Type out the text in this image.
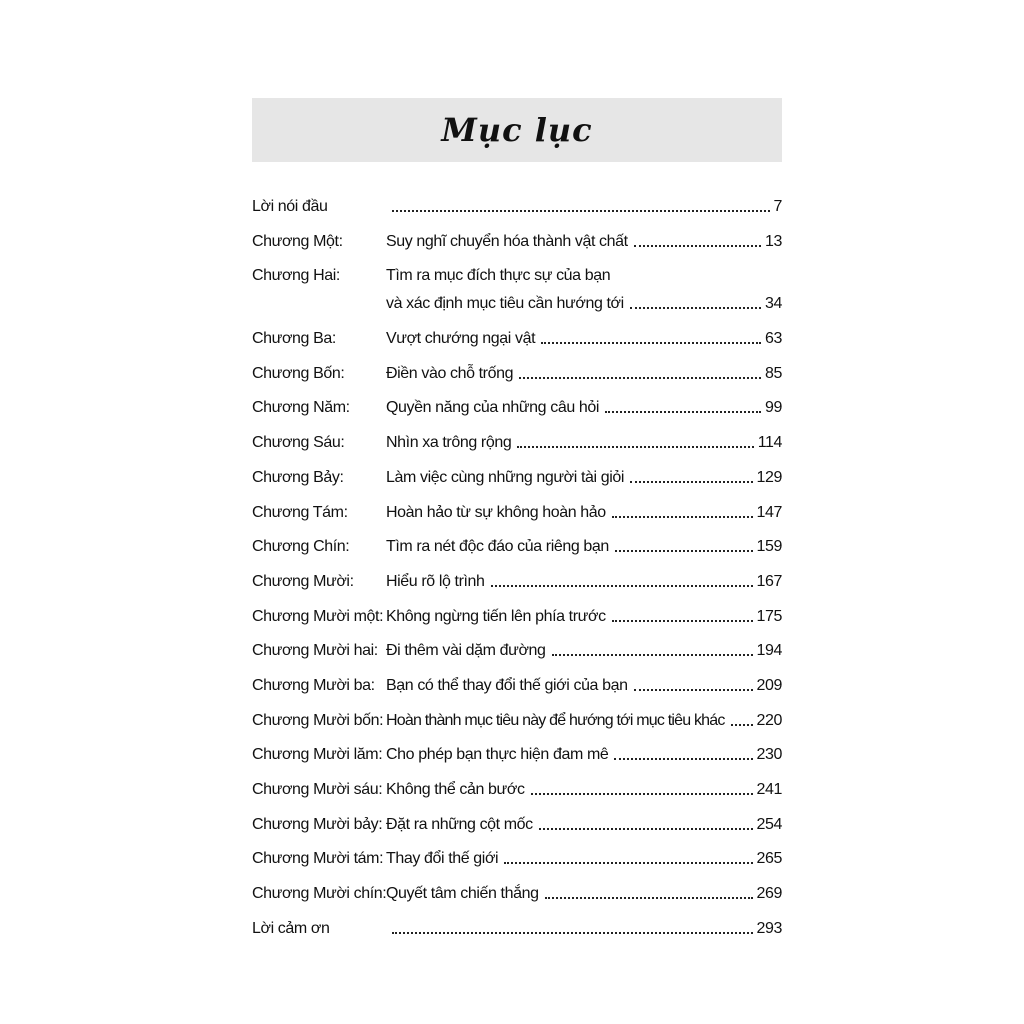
Mục lục
Lời nói đầu	7
Chương Một:	Suy nghĩ chuyển hóa thành vật chất	13
Chương Hai:	Tìm ra mục đích thực sự của bạn
và xác định mục tiêu cần hướng tới	34
Chương Ba:	Vượt chướng ngại vật	63
Chương Bốn:	Điền vào chỗ trống	85
Chương Năm:	Quyền năng của những câu hỏi	99
Chương Sáu:	Nhìn xa trông rộng	114
Chương Bảy:	Làm việc cùng những người tài giỏi	129
Chương Tám:	Hoàn hảo từ sự không hoàn hảo	147
Chương Chín:	Tìm ra nét độc đáo của riêng bạn	159
Chương Mười:	Hiểu rõ lộ trình	167
Chương Mười một: Không ngừng tiến lên phía trước	175
Chương Mười hai: Đi thêm vài dặm đường	194
Chương Mười ba: Bạn có thể thay đổi thế giới của bạn	209
Chương Mười bốn: Hoàn thành mục tiêu này để hướng tới mục tiêu khác 220
Chương Mười lăm: Cho phép bạn thực hiện đam mê	230
Chương Mười sáu: Không thể cản bước	241
Chương Mười bảy: Đặt ra những cột mốc	254
Chương Mười tám: Thay đổi thế giới	265
Chương Mười chín: Quyết tâm chiến thắng	269
Lời cảm ơn	293
